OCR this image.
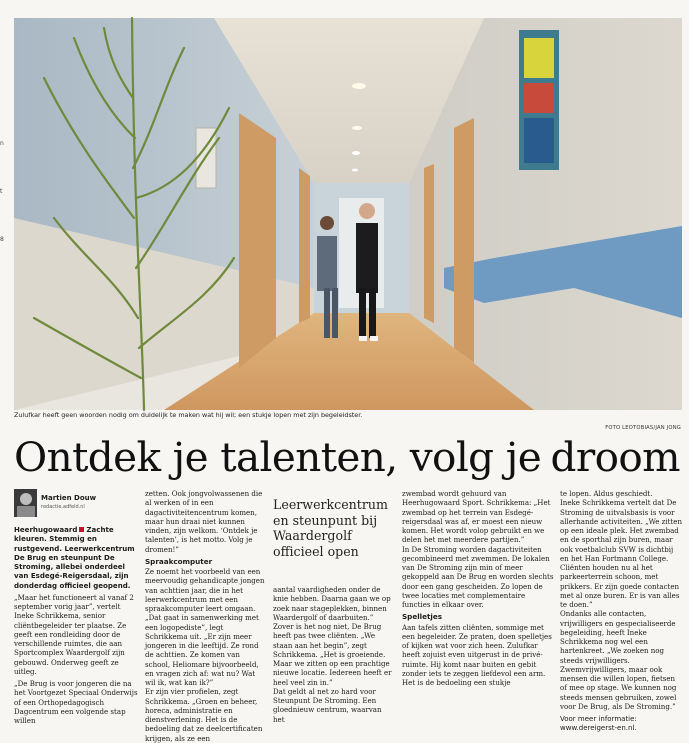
n
t
8
Zulufkar heeft geen woorden nodig om duidelijk te maken wat hij wil; een stukje lopen met zijn begeleidster.
FOTO LEOTOBIAS/JAN JONG
Ontdek je talenten, volg je droom
Martien Douw
redactie.adfeld.nl

Heerhugowaard Zachte kleuren. Stemmig en rustgevend. Leerwerkcentrum De Brug en steunpunt De Stroming, allebei onderdeel van Esdegé-Reigersdaal, zijn donderdag officieel geopend.

„Maar het functioneert al vanaf 2 september vorig jaar”, vertelt Ineke Schrikkema, senior cliëntbegeleider ter plaatse. Ze geeft een rondleiding door de verschillende ruimtes, die aan Sportcomplex Waardergolf zijn gebouwd. Onderweg geeft ze uitleg.

„De Brug is voor jongeren die na het Voortgezet Speciaal Onderwijs of een Orthopedagogisch Dagcentrum een volgende stap willen

zetten. Ook jongvolwassenen die al werken of in een dagactiviteitencentrum komen, maar hun draai niet kunnen vinden, zijn welkom. ‘Ontdek je talenten’, is het motto. Volg je dromen!”

Spraakcomputer

Ze noemt het voorbeeld van een meervoudig gehandicapte jongen van achttien jaar, die in het leerwerkcentrum met een spraakcomputer leert omgaan. „Dat gaat in samenwerking met een logopediste”, legt Schrikkema uit. „Er zijn meer jongeren in die leeftijd. Ze rond de achttien. Ze komen van school, Heliomare bijvoorbeeld, en vragen zich af: wat nu? Wat wil ik, wat kan ik?”

Er zijn vier profielen, zegt Schrikkema. „Groen en beheer, horeca, administratie en dienstverlening. Het is de bedoeling dat ze deelcertificaten krijgen, als ze een

Leerwerkcentrum en steunpunt bij Waardergolf officieel open

aantal vaardigheden onder de knie hebben. Daarna gaan we op zoek naar stageplekken, binnen Waardergolf of daarbuiten.”

Zover is het nog niet, De Brug heeft pas twee cliënten. „We staan aan het begin”, zegt Schrikkema. „Het is groeiende. Maar we zitten op een prachtige nieuwe locatie. Iedereen heeft er heel veel zin in.”

Dat geldt al net zo hard voor Steunpunt De Stroming. Een gloednieuw centrum, waarvan het

zwembad wordt gehuurd van Heerhugowaard Sport. Schrikkema: „Het zwembad op het terrein van Esdegé-reigersdaal was af, er moest een nieuw komen. Het wordt volop gebruikt en we delen het met meerdere partijen.”

In De Stroming worden dagactiviteiten gecombineerd met zwemmen. De lokalen van De Stroming zijn min of meer gekoppeld aan De Brug en worden slechts door een gang gescheiden. Zo lopen de twee locaties met complementaire functies in elkaar over.

Spelletjes

Aan tafels zitten cliënten, sommige met een begeleider. Ze praten, doen spelletjes of kijken wat voor zich heen. Zulufkar heeft zojuist even uitgerust in de privé-ruimte. Hij komt naar buiten en gebit zonder iets te zeggen liefdevol een arm. Het is de bedoeling een stukje

te lopen. Aldus geschiedt.

Ineke Schrikkema vertelt dat De Stroming de uitvalsbasis is voor allerhande activiteiten. „We zitten op een ideale plek. Het zwembad en de sporthal zijn buren, maar ook voetbalclub SVW is dichtbij en het Han Fortmann College. Cliënten houden nu al het parkeerterrein schoon, met prikkers. Er zijn goede contacten met al onze buren. Er is van alles te doen.”

Ondanks alle contacten, vrijwilligers en gespecialiseerde begeleiding, heeft Ineke Schrikkema nog wel een hartenkreet. „We zoeken nog steeds vrijwilligers. Zwemvrijwilligers, maar ook mensen die willen lopen, fietsen of mee op stage. We kunnen nog steeds mensen gebruiken, zowel voor De Brug, als De Stroming.”

Voor meer informatie:

www.dereigerst-en.nl.
